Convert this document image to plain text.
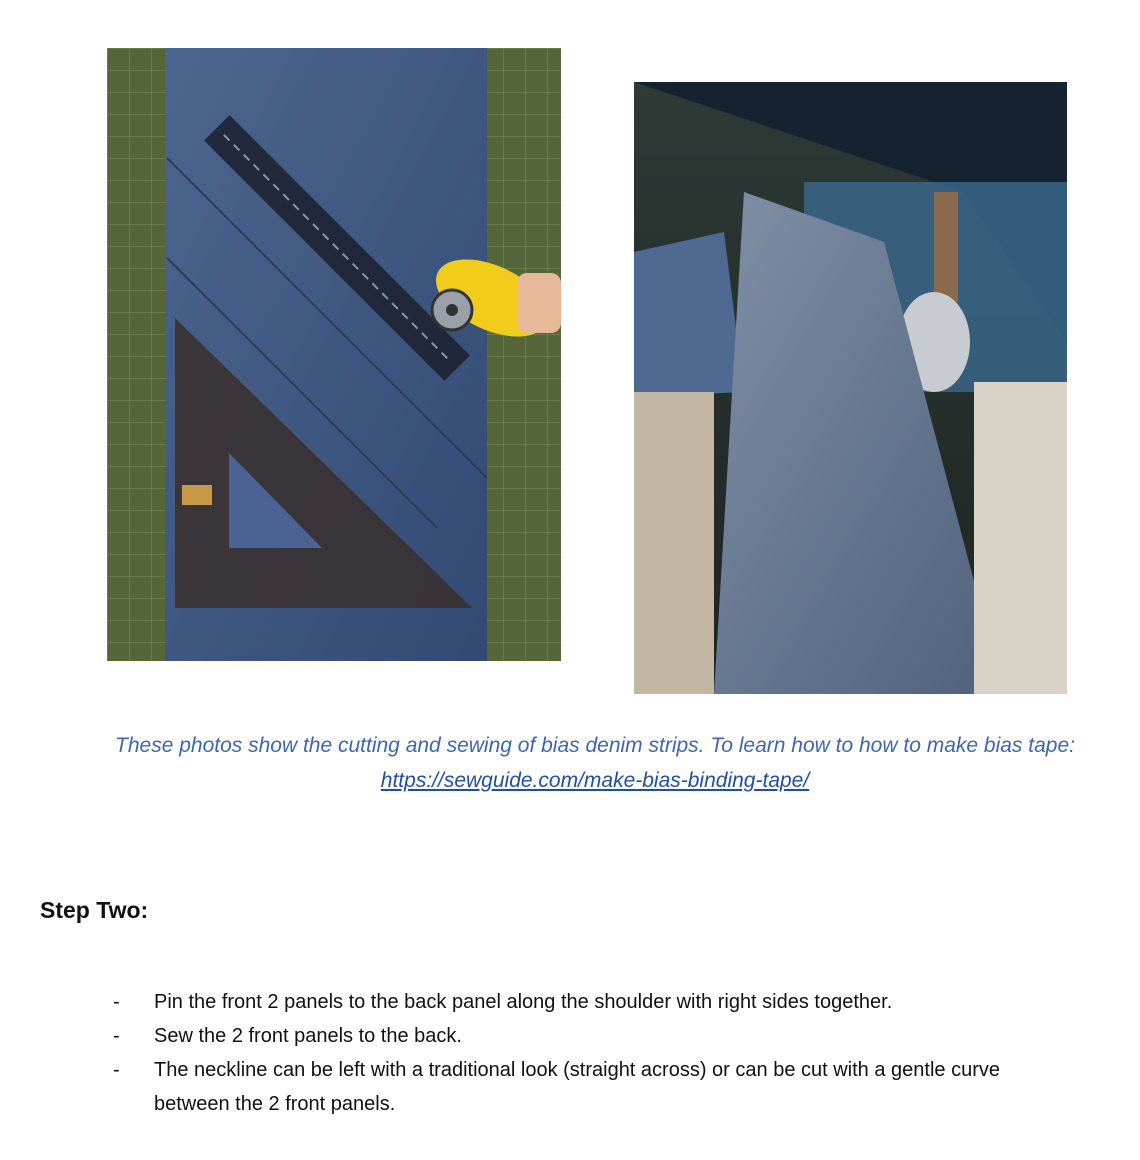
These photos show the cutting and sewing of bias denim strips. To learn how to how to make bias tape: https://sewguide.com/make-bias-binding-tape/
Step Two:
- Pin the front 2 panels to the back panel along the shoulder with right sides together.
- Sew the 2 front panels to the back.
- The neckline can be left with a traditional look (straight across) or can be cut with a gentle curve between the 2 front panels.
